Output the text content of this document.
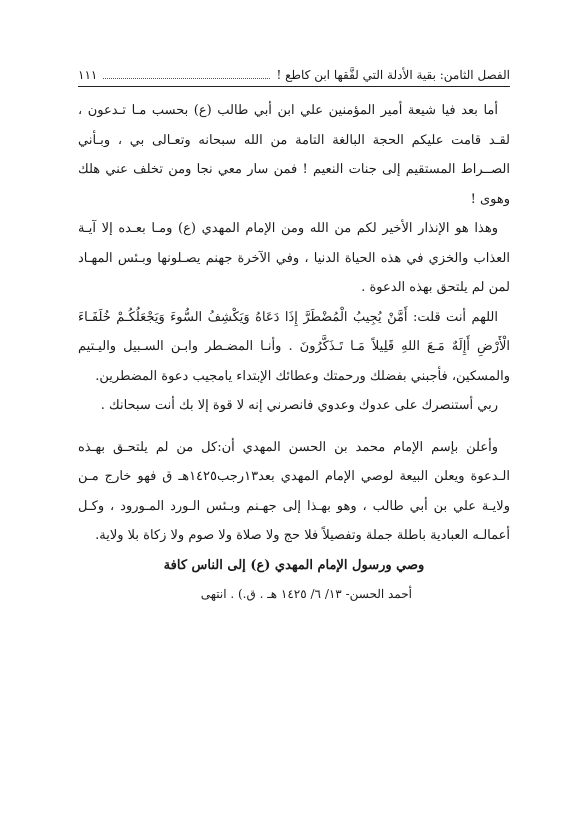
الفصل الثامن: بقية الأدلة التي لفَّقها ابن كاطع !
١١١

أما بعد فيا شيعة أمير المؤمنين علي ابن أبي طالب (ع) بحسب مـا تـدعون ، لقـد قامت عليكم الحجة البالغة التامة من الله سبحانه وتعـالى بي ، وبـأني الصــراط المستقيم إلى جنات النعيم ! فمن سار معي نجا ومن تخلف عني هلك وهوى !

وهذا هو الإنذار الأخير لكم من الله ومن الإمام المهدي (ع) ومـا بعـده إلا آيـة العذاب والخزي في هذه الحياة الدنيا ، وفي الآخرة جهنم يصـلونها وبـئس المهـاد لمن لم يلتحق بهذه الدعوة .

اللهم أنت قلت: أَمَّنْ يُجِيبُ الْمُضْطَرَّ إِذَا دَعَاهُ وَيَكْشِفُ السُّوءَ وَيَجْعَلُكُـمْ خُلَفَـاءَ الْأَرْضِ أَإِلَهٌ مَـعَ اللهِ قَلِيلاً مَـا تَـذَكَّرُونَ . وأنـا المضـطر وابـن السـبيل واليـتيم والمسكين، فأجبني بفضلك ورحمتك وعطائك الإبتداء يامجيب دعوة المضطرين.

ربي أستنصرك على عدوك وعدوي فانصرني إنه لا قوة إلا بك أنت سبحانك .

وأعلن بإسم الإمام محمد بن الحسن المهدي أن:كل من لم يلتحـق بهـذه الـدعوة ويعلن البيعة لوصي الإمام المهدي بعد١٣رجب١٤٢٥هـ ق فهو خارج مـن ولايـة علي بن أبي طالب ، وهو بهـذا إلى جهـنم وبـئس الـورد المـورود ، وكـل أعمالـه العبادية باطلة جملة وتفصيلاً فلا حج ولا صلاة ولا صوم ولا زكاة بلا ولاية.

وصي ورسول الإمام المهدي (ع) إلى الناس كافة

أحمد الحسن- ١٣/ ٦/ ١٤٢٥ هـ . ق.) . انتهى
